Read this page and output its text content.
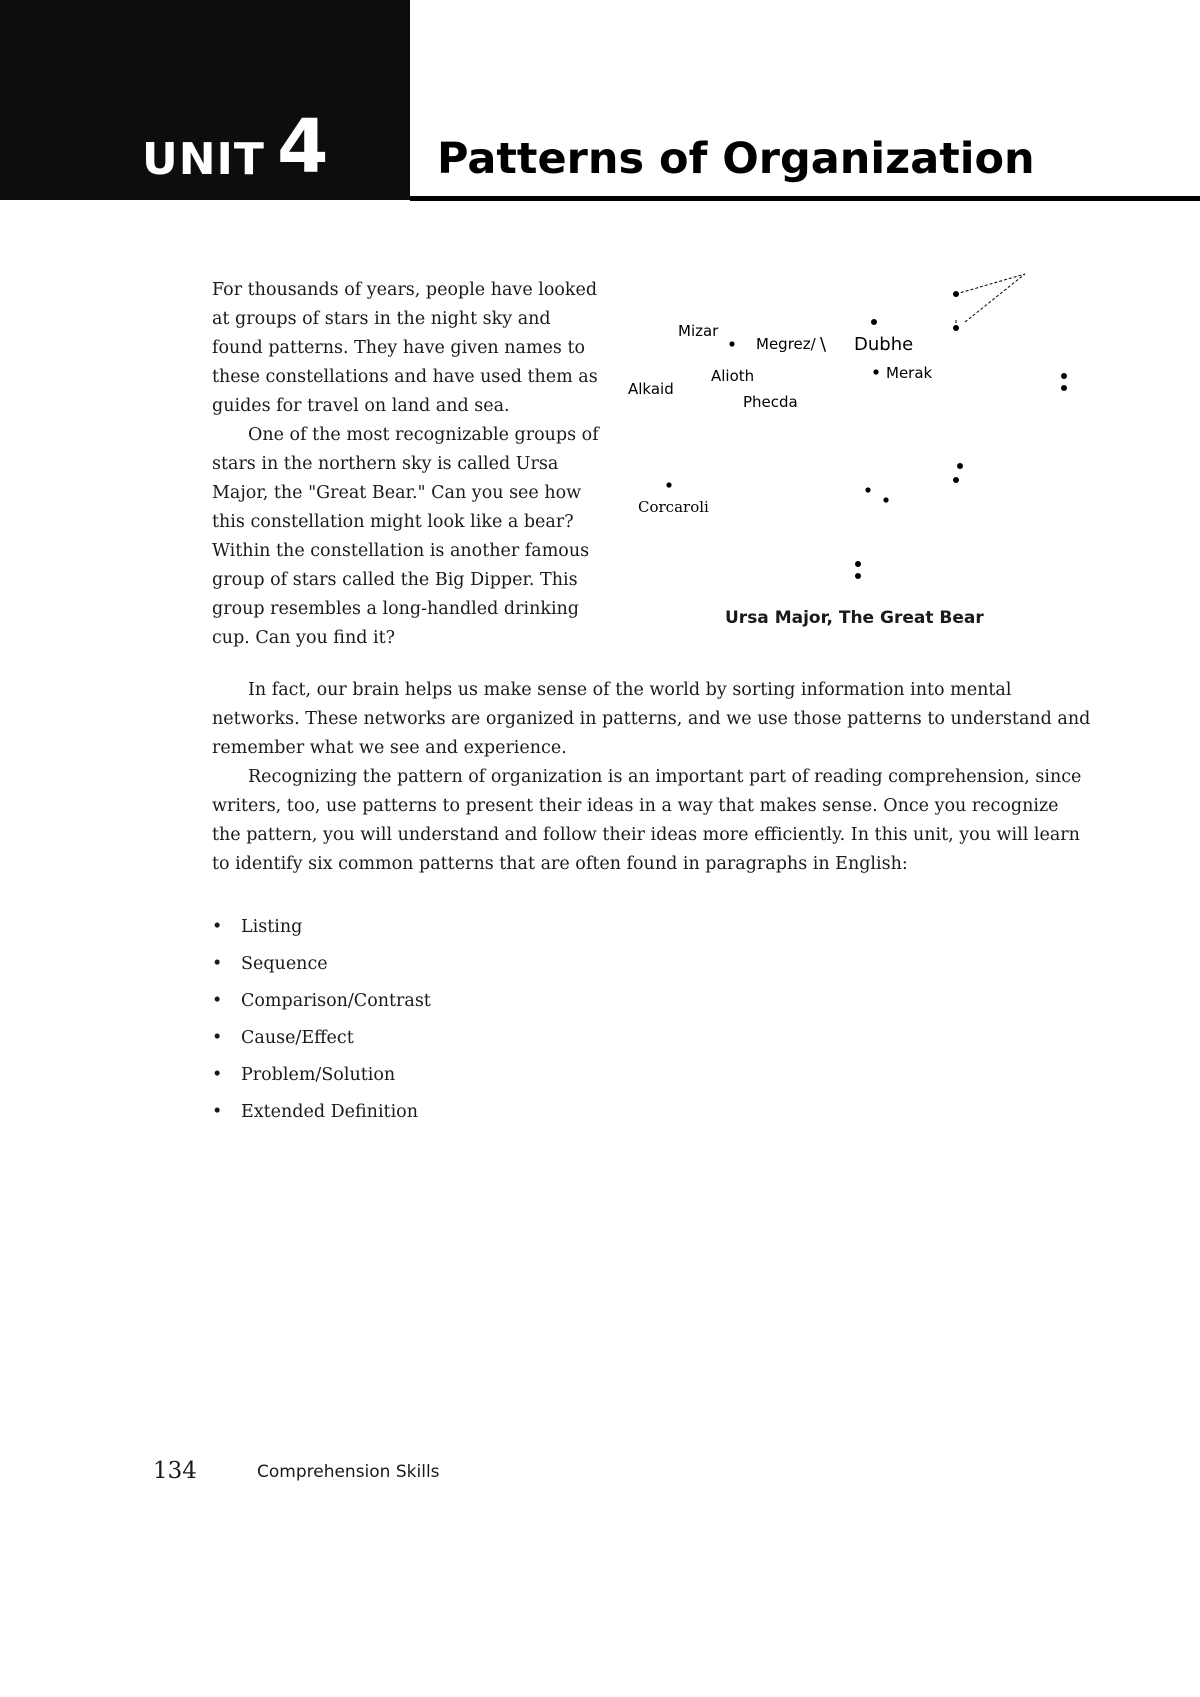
UNIT 4	Patterns of Organization

For thousands of years, people have looked at groups of stars in the night sky and found patterns. They have given names to these constellations and have used them as guides for travel on land and sea.

One of the most recognizable groups of stars in the northern sky is called Ursa Major, the "Great Bear." Can you see how this constellation might look like a bear? Within the constellation is another famous group of stars called the Big Dipper. This group resembles a long-handled drinking cup. Can you find it?

Mizar
Megrez/ \ Dubhe
Alkaid
Alioth	Merak
Phecda
Corcaroli
Ursa Major, The Great Bear

In fact, our brain helps us make sense of the world by sorting information into mental networks. These networks are organized in patterns, and we use those patterns to understand and remember what we see and experience.

Recognizing the pattern of organization is an important part of reading comprehension, since writers, too, use patterns to present their ideas in a way that makes sense. Once you recognize the pattern, you will understand and follow their ideas more efficiently. In this unit, you will learn to identify six common patterns that are often found in paragraphs in English:

•	Listing
•	Sequence
•	Comparison/Contrast
•	Cause/Effect
•	Problem/Solution
•	Extended Definition
134	Comprehension Skills
